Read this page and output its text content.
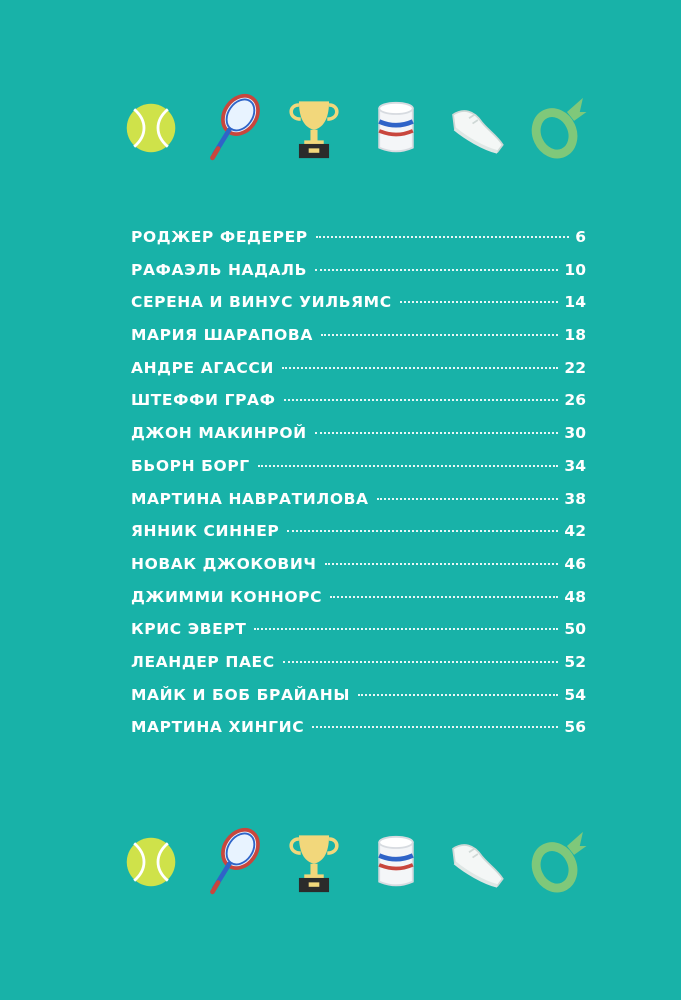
РОДЖЕР ФЕДЕРЕР	6
РАФАЭЛЬ НАДАЛЬ	10
СЕРЕНА И ВИНУС УИЛЬЯМС	14
МАРИЯ ШАРАПОВА	18
АНДРЕ АГАССИ	22
ШТЕФФИ ГРАФ	26
ДЖОН МАКИНРОЙ	30
БЬОРН БОРГ	34
МАРТИНА НАВРАТИЛОВА	38
ЯННИК СИННЕР	42
НОВАК ДЖОКОВИЧ	46
ДЖИММИ КОННОРС	48
КРИС ЭВЕРТ	50
ЛЕАНДЕР ПАЕС	52
МАЙК И БОБ БРАЙАНЫ	54
МАРТИНА ХИНГИС	56
